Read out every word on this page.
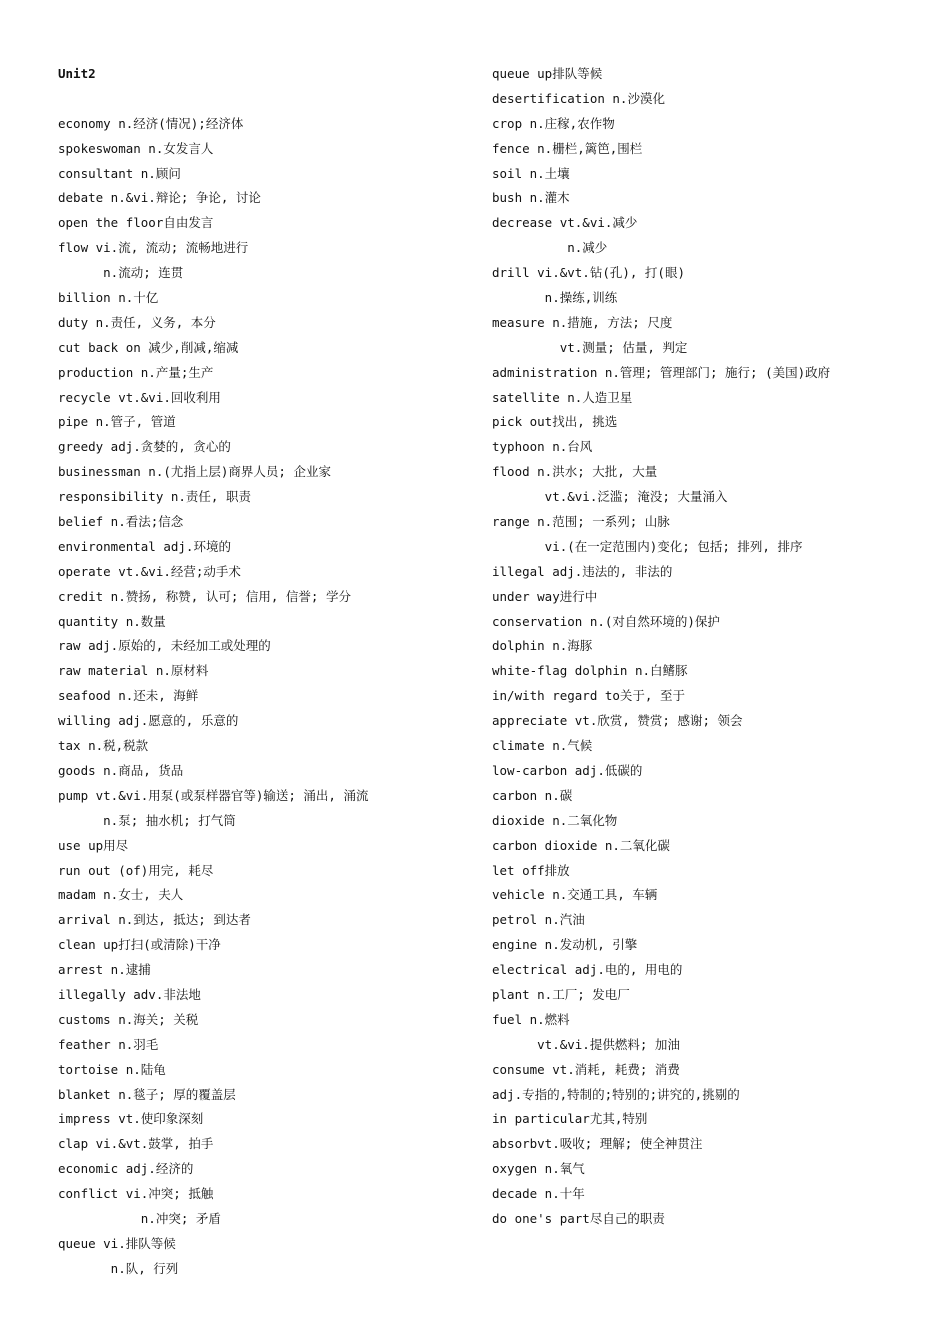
Unit2
economy n.经济(情况);经济体
spokeswoman n.女发言人
consultant n.顾问
debate n.&vi.辩论; 争论, 讨论
open the floor自由发言
flow vi.流, 流动; 流畅地进行
n.流动; 连贯
billion n.十亿
duty n.责任, 义务, 本分
cut back on 减少,削减,缩减
production n.产量;生产
recycle vt.&vi.回收利用
pipe n.管子, 管道
greedy adj.贪婪的, 贪心的
businessman n.(尤指上层)商界人员; 企业家
responsibility n.责任, 职责
belief n.看法;信念
environmental adj.环境的
operate vt.&vi.经营;动手术
credit n.赞扬, 称赞, 认可; 信用, 信誉; 学分
quantity n.数量
raw adj.原始的, 未经加工或处理的
raw material n.原材料
seafood n.还未, 海鲜
willing adj.愿意的, 乐意的
tax n.税,税款
goods n.商品, 货品
pump vt.&vi.用泵(或泵样器官等)输送; 涌出, 涌流
n.泵; 抽水机; 打气筒
use up用尽
run out (of)用完, 耗尽
madam n.女士, 夫人
arrival n.到达, 抵达; 到达者
clean up打扫(或清除)干净
arrest n.逮捕
illegally adv.非法地
customs n.海关; 关税
feather n.羽毛
tortoise n.陆龟
blanket n.毯子; 厚的覆盖层
impress vt.使印象深刻
clap vi.&vt.鼓掌, 拍手
economic adj.经济的
conflict vi.冲突; 抵触
n.冲突; 矛盾
queue vi.排队等候
n.队, 行列
queue up排队等候
desertification n.沙漠化
crop n.庄稼,农作物
fence n.栅栏,篱笆,围栏
soil n.土壤
bush n.灌木
decrease vt.&vi.减少
n.减少
drill vi.&vt.钻(孔), 打(眼)
n.操练,训练
measure n.措施, 方法; 尺度
vt.测量; 估量, 判定
administration n.管理; 管理部门; 施行; (美国)政府
satellite n.人造卫星
pick out找出, 挑选
typhoon n.台风
flood n.洪水; 大批, 大量
vt.&vi.泛滥; 淹没; 大量涌入
range n.范围; 一系列; 山脉
vi.(在一定范围内)变化; 包括; 排列, 排序
illegal adj.违法的, 非法的
under way进行中
conservation n.(对自然环境的)保护
dolphin n.海豚
white-flag dolphin n.白鳍豚
in/with regard to关于, 至于
appreciate vt.欣赏, 赞赏; 感谢; 领会
climate n.气候
low-carbon adj.低碳的
carbon n.碳
dioxide n.二氧化物
carbon dioxide n.二氧化碳
let off排放
vehicle n.交通工具, 车辆
petrol n.汽油
engine n.发动机, 引擎
electrical adj.电的, 用电的
plant n.工厂; 发电厂
fuel n.燃料
vt.&vi.提供燃料; 加油
consume vt.消耗, 耗费; 消费
adj.专指的,特制的;特别的;讲究的,挑剔的
in particular尤其,特别
absorbvt.吸收; 理解; 使全神贯注
oxygen n.氧气
decade n.十年
do one's part尽自己的职责
